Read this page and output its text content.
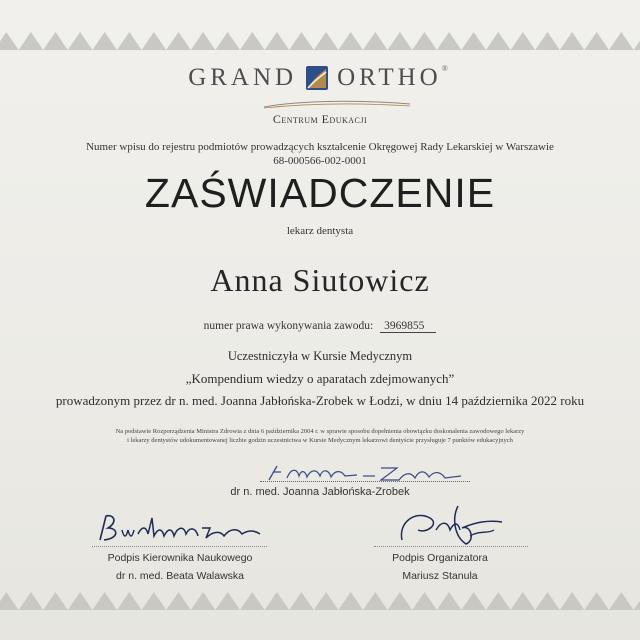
GRAND ORTHO®
Centrum Edukacji
Numer wpisu do rejestru podmiotów prowadzących kształcenie Okręgowej Rady Lekarskiej w Warszawie
68-000566-002-0001
ZAŚWIADCZENIE
lekarz dentysta
Anna Siutowicz
numer prawa wykonywania zawodu: 3969855
Uczestniczyła w Kursie Medycznym
„Kompendium wiedzy o aparatach zdejmowanych”
prowadzonym przez dr n. med. Joanna Jabłońska-Zrobek w Łodzi, w dniu 14 października 2022 roku
Na podstawie Rozporządzenia Ministra Zdrowia z dnia 6 października 2004 r. w sprawie sposobu dopełnienia obowiązku doskonalenia zawodowego lekarzy
i lekarzy dentystów udokumentowanej liczbie godzin uczestnictwa w Kursie Medycznym lekarzowi dentyście przysługuje 7 punktów edukacyjnych
dr n. med. Joanna Jabłońska-Zrobek
Podpis Kierownika Naukowego
dr n. med. Beata Walawska
Podpis Organizatora
Mariusz Stanula
